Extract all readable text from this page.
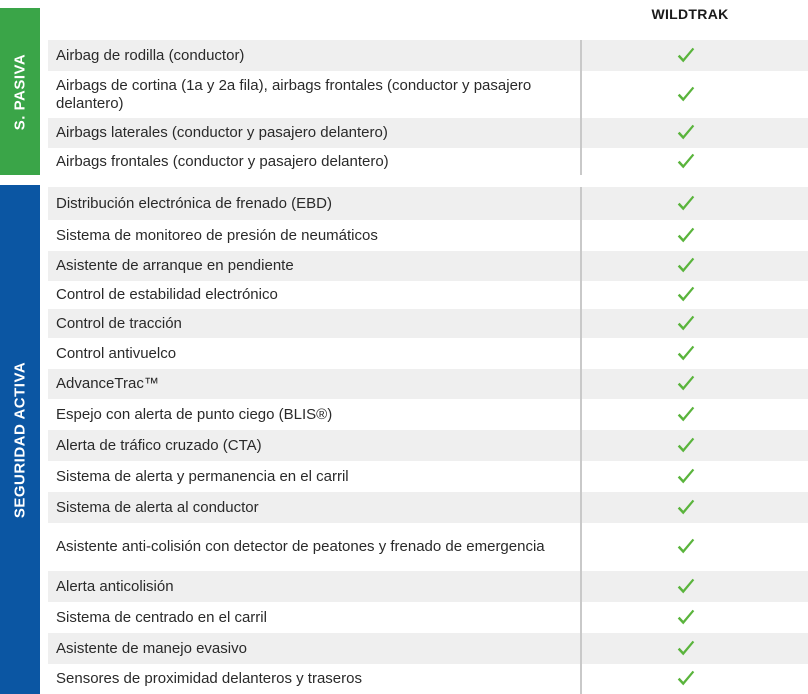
WILDTRAK
S. PASIVA	Airbag de rodilla (conductor)
Airbags de cortina (1a y 2a fila), airbags frontales (conductor y pasajero delantero)
Airbags laterales (conductor y pasajero delantero)
Airbags frontales (conductor y pasajero delantero)
SEGURIDAD ACTIVA
Distribución electrónica de frenado (EBD)
Sistema de monitoreo de presión de neumáticos
Asistente de arranque en pendiente
Control de estabilidad electrónico
Control de tracción
Control antivuelco
AdvanceTrac™
Espejo con alerta de punto ciego (BLIS®)
Alerta de tráfico cruzado (CTA)
Sistema de alerta y permanencia en el carril
Sistema de alerta al conductor
Asistente anti-colisión con detector de peatones y frenado de emergencia
Alerta anticolisión
Sistema de centrado en el carril
Asistente de manejo evasivo
Sensores de proximidad delanteros y traseros
